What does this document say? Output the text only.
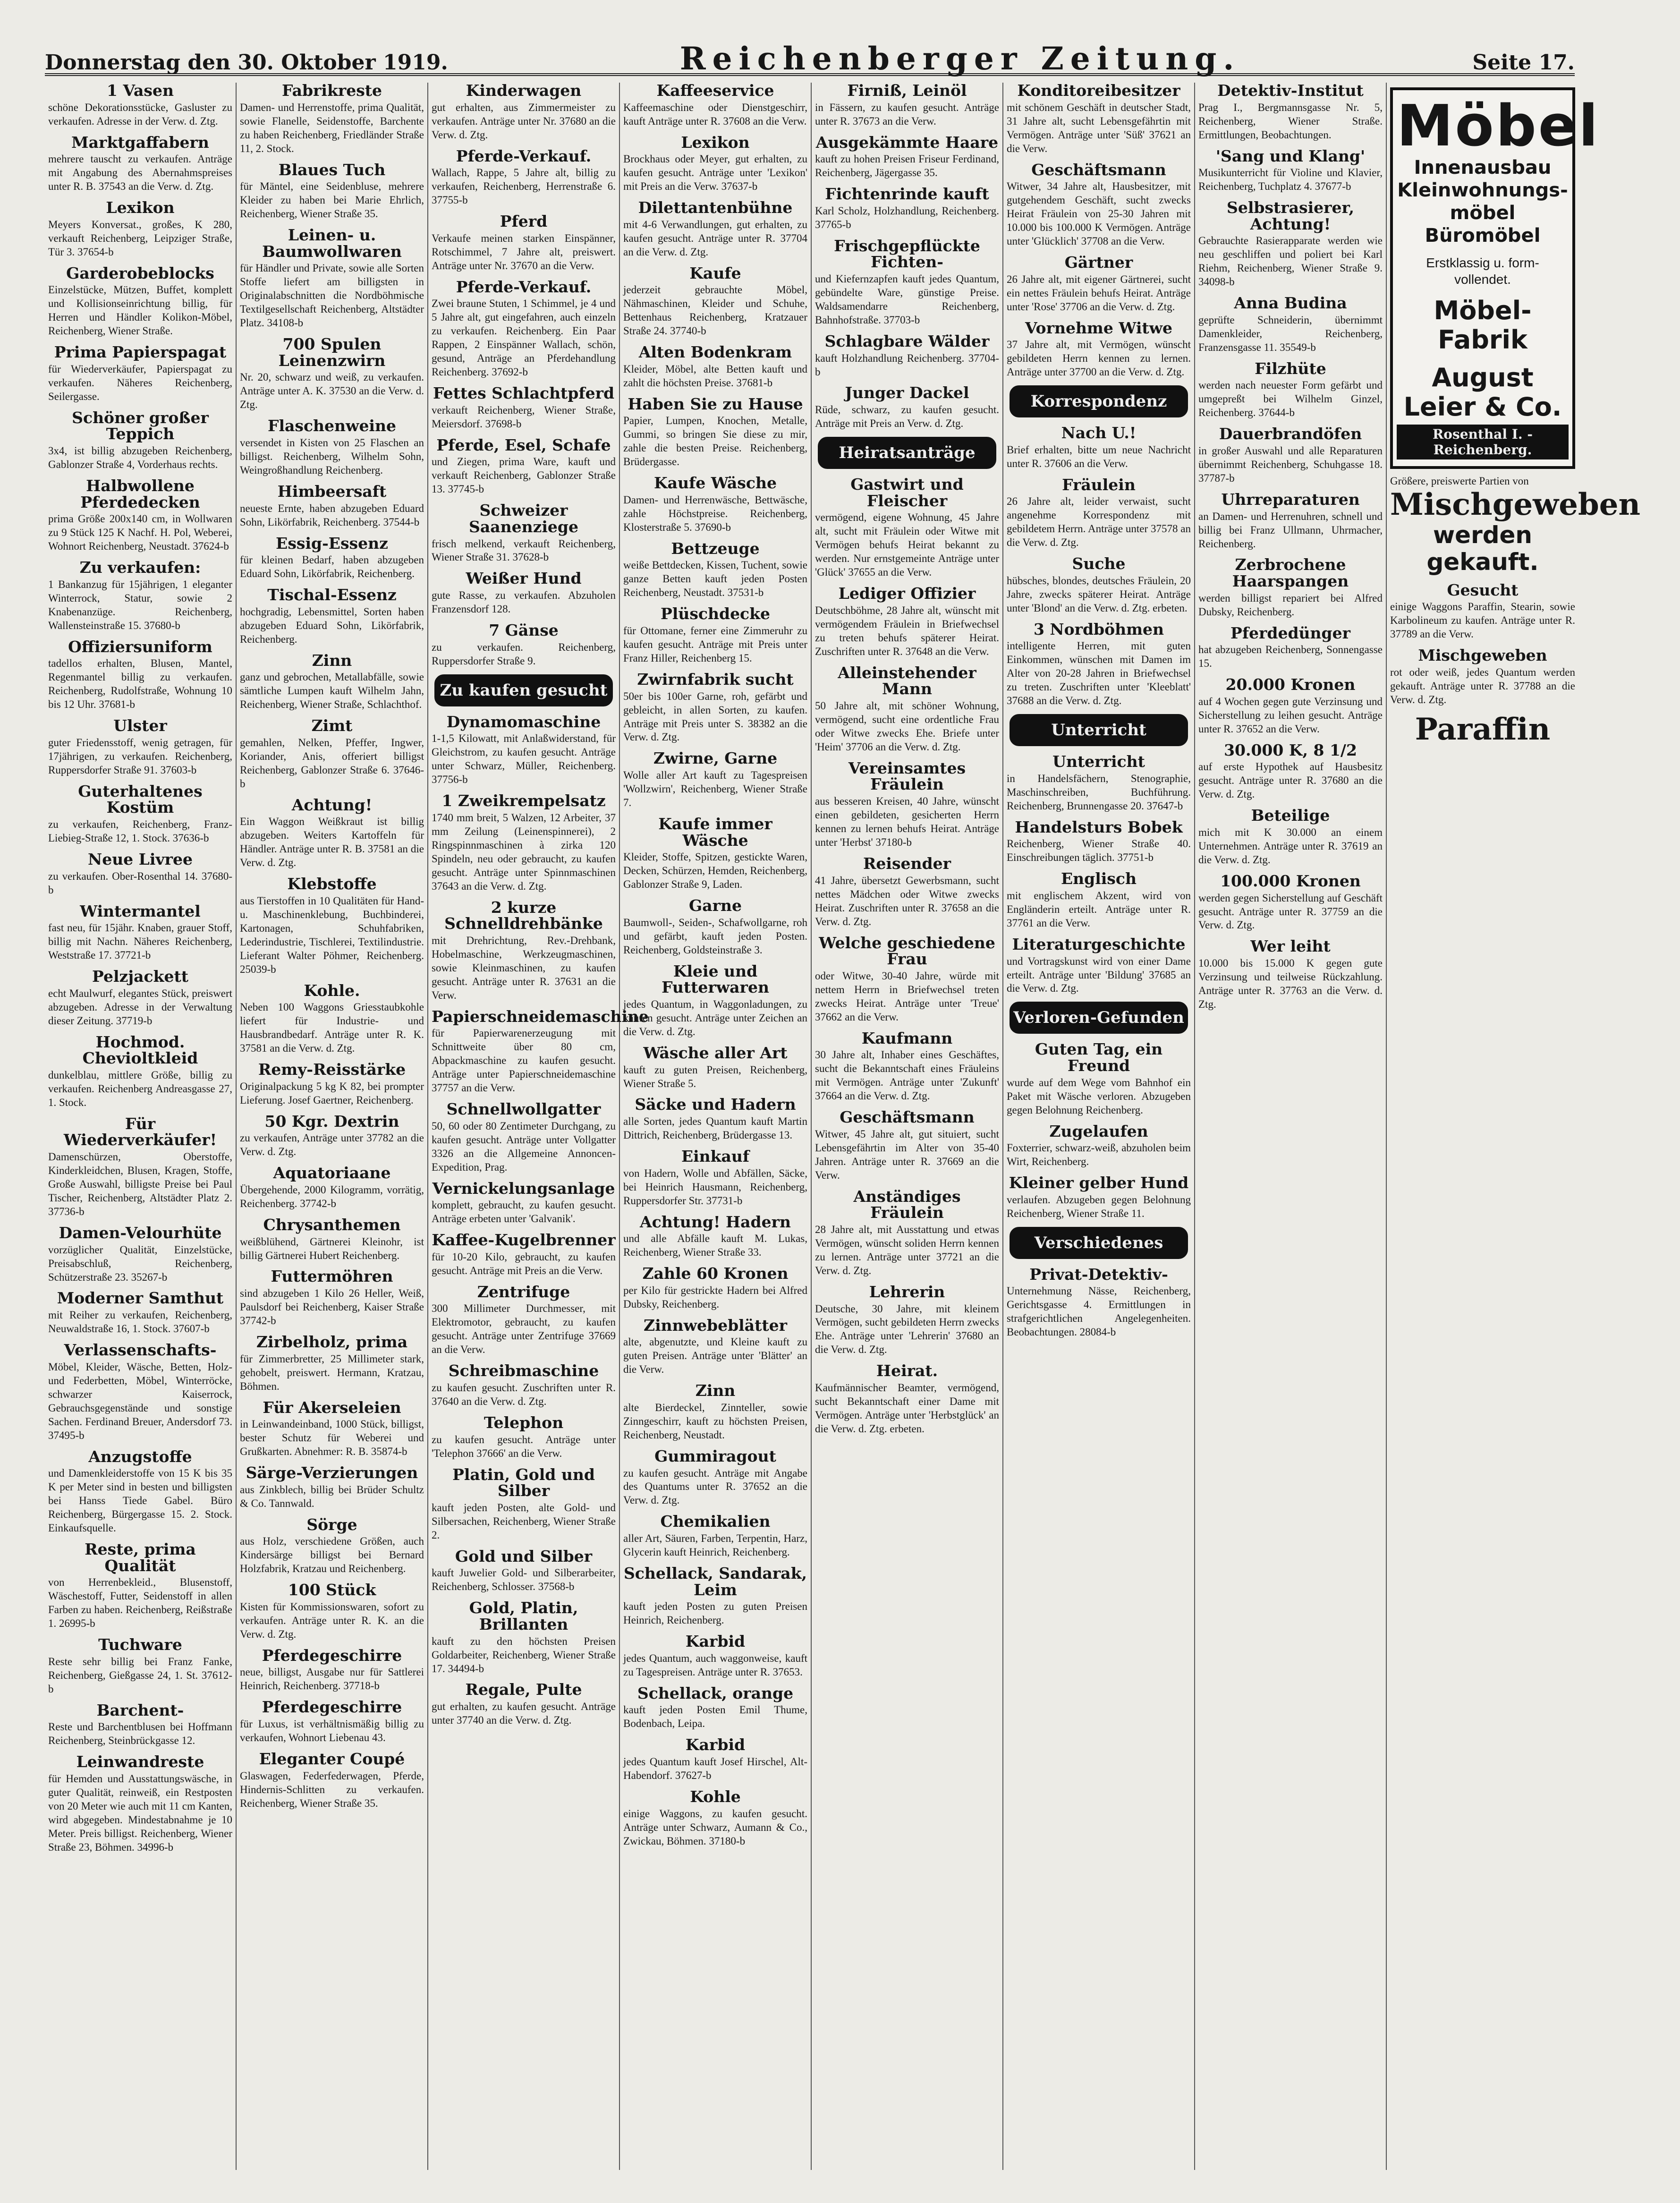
Donnerstag den 30. Oktober 1919.	Reichenberger Zeitung.	Seite 17.
1 Vasen

schöne Dekorationsstücke, Gasluster zu verkaufen. Adresse in der Verw. d. Ztg.

Marktgaffabern

mehrere tauscht zu verkaufen. Anträge mit Angabung des Abernahmspreises unter R. B. 37543 an die Verw. d. Ztg.

Lexikon

Meyers Konversat., großes, K 280, verkauft Reichenberg, Leipziger Straße, Tür 3. 37654-b

Garderobeblocks

Einzelstücke, Mützen, Buffet, komplett und Kollisionseinrichtung billig, für Herren und Händler Kolikon-Möbel, Reichenberg, Wiener Straße.

Prima Papierspagat

für Wiederverkäufer, Papierspagat zu verkaufen. Näheres Reichenberg, Seilergasse.

Schöner großer Teppich

3x4, ist billig abzugeben Reichenberg, Gablonzer Straße 4, Vorderhaus rechts.

Halbwollene Pferdedecken

prima Größe 200x140 cm, in Wollwaren zu 9 Stück 125 K Nachf. H. Pol, Weberei, Wohnort Reichenberg, Neustadt. 37624-b

Zu verkaufen:

1 Bankanzug für 15jährigen, 1 eleganter Winterrock, Statur, sowie 2 Knabenanzüge. Reichenberg, Wallensteinstraße 15. 37680-b

Offiziersuniform

tadellos erhalten, Blusen, Mantel, Regenmantel billig zu verkaufen. Reichenberg, Rudolfstraße, Wohnung 10 bis 12 Uhr. 37681-b

Ulster

guter Friedensstoff, wenig getragen, für 17jährigen, zu verkaufen. Reichenberg, Ruppersdorfer Straße 91. 37603-b

Guterhaltenes Kostüm

zu verkaufen, Reichenberg, Franz-Liebieg-Straße 12, 1. Stock. 37636-b

Neue Livree

zu verkaufen. Ober-Rosenthal 14. 37680-b

Wintermantel

fast neu, für 15jähr. Knaben, grauer Stoff, billig mit Nachn. Näheres Reichenberg, Weststraße 17. 37721-b

Pelzjackett

echt Maulwurf, elegantes Stück, preiswert abzugeben. Adresse in der Verwaltung dieser Zeitung. 37719-b

Hochmod. Chevioltkleid

dunkelblau, mittlere Größe, billig zu verkaufen. Reichenberg Andreasgasse 27, 1. Stock.

Für Wiederverkäufer!

Damenschürzen, Oberstoffe, Kinderkleidchen, Blusen, Kragen, Stoffe, Große Auswahl, billigste Preise bei Paul Tischer, Reichenberg, Altstädter Platz 2. 37736-b

Damen-Velourhüte

vorzüglicher Qualität, Einzelstücke, Preisabschluß, Reichenberg, Schützerstraße 23. 35267-b

Moderner Samthut

mit Reiher zu verkaufen, Reichenberg, Neuwaldstraße 16, 1. Stock. 37607-b

Verlassenschafts-

Möbel, Kleider, Wäsche, Betten, Holz- und Federbetten, Möbel, Winterröcke, schwarzer Kaiserrock, Gebrauchsgegenstände und sonstige Sachen. Ferdinand Breuer, Andersdorf 73. 37495-b

Anzugstoffe

und Damenkleiderstoffe von 15 K bis 35 K per Meter sind in besten und billigsten bei Hanss Tiede Gabel. Büro Reichenberg, Bürgergasse 15. 2. Stock. Einkaufsquelle.

Reste, prima Qualität

von Herrenbekleid., Blusenstoff, Wäschestoff, Futter, Seidenstoff in allen Farben zu haben. Reichenberg, Reißstraße 1. 26995-b

Tuchware

Reste sehr billig bei Franz Fanke, Reichenberg, Gießgasse 24, 1. St. 37612-b

Barchent-

Reste und Barchentblusen bei Hoffmann Reichenberg, Steinbrückgasse 12.

Leinwandreste

für Hemden und Ausstattungswäsche, in guter Qualität, reinweiß, ein Restposten von 20 Meter wie auch mit 11 cm Kanten, wird abgegeben. Mindestabnahme je 10 Meter. Preis billigst. Reichenberg, Wiener Straße 23, Böhmen. 34996-b

Fabrikreste

Damen- und Herrenstoffe, prima Qualität, sowie Flanelle, Seidenstoffe, Barchente zu haben Reichenberg, Friedländer Straße 11, 2. Stock.

Blaues Tuch

für Mäntel, eine Seidenbluse, mehrere Kleider zu haben bei Marie Ehrlich, Reichenberg, Wiener Straße 35.

Leinen- u. Baumwollwaren

für Händler und Private, sowie alle Sorten Stoffe liefert am billigsten in Originalabschnitten die Nordböhmische Textilgesellschaft Reichenberg, Altstädter Platz. 34108-b

700 Spulen Leinenzwirn

Nr. 20, schwarz und weiß, zu verkaufen. Anträge unter A. K. 37530 an die Verw. d. Ztg.

Flaschenweine

versendet in Kisten von 25 Flaschen an billigst. Reichenberg, Wilhelm Sohn, Weingroßhandlung Reichenberg.

Himbeersaft

neueste Ernte, haben abzugeben Eduard Sohn, Likörfabrik, Reichenberg. 37544-b

Essig-Essenz

für kleinen Bedarf, haben abzugeben Eduard Sohn, Likörfabrik, Reichenberg.

Tischal-Essenz

hochgradig, Lebensmittel, Sorten haben abzugeben Eduard Sohn, Likörfabrik, Reichenberg.

Zinn

ganz und gebrochen, Metallabfälle, sowie sämtliche Lumpen kauft Wilhelm Jahn, Reichenberg, Wiener Straße, Schlachthof.

Zimt

gemahlen, Nelken, Pfeffer, Ingwer, Koriander, Anis, offeriert billigst Reichenberg, Gablonzer Straße 6. 37646-b

Achtung!

Ein Waggon Weißkraut ist billig abzugeben. Weiters Kartoffeln für Händler. Anträge unter R. B. 37581 an die Verw. d. Ztg.

Klebstoffe

aus Tierstoffen in 10 Qualitäten für Hand- u. Maschinenklebung, Buchbinderei, Kartonagen, Schuhfabriken, Lederindustrie, Tischlerei, Textilindustrie. Lieferant Walter Pöhmer, Reichenberg. 25039-b

Kohle.

Neben 100 Waggons Griesstaubkohle liefert für Industrie- und Hausbrandbedarf. Anträge unter R. K. 37581 an die Verw. d. Ztg.

Remy-Reisstärke

Originalpackung 5 kg K 82, bei prompter Lieferung. Josef Gaertner, Reichenberg.

50 Kgr. Dextrin

zu verkaufen, Anträge unter 37782 an die Verw. d. Ztg.

Aquatoriaane

Übergehende, 2000 Kilogramm, vorrätig, Reichenberg. 37742-b

Chrysanthemen

weißblühend, Gärtnerei Kleinohr, ist billig Gärtnerei Hubert Reichenberg.

Futtermöhren

sind abzugeben 1 Kilo 26 Heller, Weiß, Paulsdorf bei Reichenberg, Kaiser Straße 37742-b

Zirbelholz, prima

für Zimmerbretter, 25 Millimeter stark, gehobelt, preiswert. Hermann, Kratzau, Böhmen.

Für Akerseleien

in Leinwandeinband, 1000 Stück, billigst, bester Schutz für Weberei und Grußkarten. Abnehmer: R. B. 35874-b

Särge-Verzierungen

aus Zinkblech, billig bei Brüder Schultz & Co. Tannwald.

Sörge

aus Holz, verschiedene Größen, auch Kindersärge billigst bei Bernard Holzfabrik, Kratzau und Reichenberg.

100 Stück

Kisten für Kommissionswaren, sofort zu verkaufen. Anträge unter R. K. an die Verw. d. Ztg.

Pferdegeschirre

neue, billigst, Ausgabe nur für Sattlerei Heinrich, Reichenberg. 37718-b

Pferdegeschirre

für Luxus, ist verhältnismäßig billig zu verkaufen, Wohnort Liebenau 43.

Eleganter Coupé

Glaswagen, Federfederwagen, Pferde, Hindernis-Schlitten zu verkaufen. Reichenberg, Wiener Straße 35.

Kinderwagen

gut erhalten, aus Zimmermeister zu verkaufen. Anträge unter Nr. 37680 an die Verw. d. Ztg.

Pferde-Verkauf.

Wallach, Rappe, 5 Jahre alt, billig zu verkaufen, Reichenberg, Herrenstraße 6. 37755-b

Pferd

Verkaufe meinen starken Einspänner, Rotschimmel, 7 Jahre alt, preiswert. Anträge unter Nr. 37670 an die Verw.

Pferde-Verkauf.

Zwei braune Stuten, 1 Schimmel, je 4 und 5 Jahre alt, gut eingefahren, auch einzeln zu verkaufen. Reichenberg. Ein Paar Rappen, 2 Einspänner Wallach, schön, gesund, Anträge an Pferdehandlung Reichenberg. 37692-b

Fettes Schlachtpferd

verkauft Reichenberg, Wiener Straße, Meiersdorf. 37698-b

Pferde, Esel, Schafe

und Ziegen, prima Ware, kauft und verkauft Reichenberg, Gablonzer Straße 13. 37745-b

Schweizer Saanenziege

frisch melkend, verkauft Reichenberg, Wiener Straße 31. 37628-b

Weißer Hund

gute Rasse, zu verkaufen. Abzuholen Franzensdorf 128.

7 Gänse

zu verkaufen. Reichenberg, Ruppersdorfer Straße 9.

Zu kaufen gesucht
Dynamomaschine

1-1,5 Kilowatt, mit Anlaßwiderstand, für Gleichstrom, zu kaufen gesucht. Anträge unter Schwarz, Müller, Reichenberg. 37756-b

1 Zweikrempelsatz

1740 mm breit, 5 Walzen, 12 Arbeiter, 37 mm Zeilung (Leinenspinnerei), 2 Ringspinnmaschinen à zirka 120 Spindeln, neu oder gebraucht, zu kaufen gesucht. Anträge unter Spinnmaschinen 37643 an die Verw. d. Ztg.

2 kurze Schnelldrehbänke

mit Drehrichtung, Rev.-Drehbank, Hobelmaschine, Werkzeugmaschinen, sowie Kleinmaschinen, zu kaufen gesucht. Anträge unter R. 37631 an die Verw.

Papierschneidemaschine

für Papierwarenerzeugung mit Schnittweite über 80 cm, Abpackmaschine zu kaufen gesucht. Anträge unter Papierschneidemaschine 37757 an die Verw.

Schnellwollgatter

50, 60 oder 80 Zentimeter Durchgang, zu kaufen gesucht. Anträge unter Vollgatter 3326 an die Allgemeine Annoncen-Expedition, Prag.

Vernickelungsanlage

komplett, gebraucht, zu kaufen gesucht. Anträge erbeten unter 'Galvanik'.

Kaffee-Kugelbrenner

für 10-20 Kilo, gebraucht, zu kaufen gesucht. Anträge mit Preis an die Verw.

Zentrifuge

300 Millimeter Durchmesser, mit Elektromotor, gebraucht, zu kaufen gesucht. Anträge unter Zentrifuge 37669 an die Verw.

Schreibmaschine

zu kaufen gesucht. Zuschriften unter R. 37640 an die Verw. d. Ztg.

Telephon

zu kaufen gesucht. Anträge unter 'Telephon 37666' an die Verw.

Platin, Gold und Silber

kauft jeden Posten, alte Gold- und Silbersachen, Reichenberg, Wiener Straße 2.

Gold und Silber

kauft Juwelier Gold- und Silberarbeiter, Reichenberg, Schlosser. 37568-b

Gold, Platin, Brillanten

kauft zu den höchsten Preisen Goldarbeiter, Reichenberg, Wiener Straße 17. 34494-b

Regale, Pulte

gut erhalten, zu kaufen gesucht. Anträge unter 37740 an die Verw. d. Ztg.

Kaffeeservice

Kaffeemaschine oder Dienstgeschirr, kauft Anträge unter R. 37608 an die Verw.

Lexikon

Brockhaus oder Meyer, gut erhalten, zu kaufen gesucht. Anträge unter 'Lexikon' mit Preis an die Verw. 37637-b

Dilettantenbühne

mit 4-6 Verwandlungen, gut erhalten, zu kaufen gesucht. Anträge unter R. 37704 an die Verw. d. Ztg.

Kaufe

jederzeit gebrauchte Möbel, Nähmaschinen, Kleider und Schuhe, Bettenhaus Reichenberg, Kratzauer Straße 24. 37740-b

Alten Bodenkram

Kleider, Möbel, alte Betten kauft und zahlt die höchsten Preise. 37681-b

Haben Sie zu Hause

Papier, Lumpen, Knochen, Metalle, Gummi, so bringen Sie diese zu mir, zahle die besten Preise. Reichenberg, Brüdergasse.

Kaufe Wäsche

Damen- und Herrenwäsche, Bettwäsche, zahle Höchstpreise. Reichenberg, Klosterstraße 5. 37690-b

Bettzeuge

weiße Bettdecken, Kissen, Tuchent, sowie ganze Betten kauft jeden Posten Reichenberg, Neustadt. 37531-b

Plüschdecke

für Ottomane, ferner eine Zimmeruhr zu kaufen gesucht. Anträge mit Preis unter Franz Hiller, Reichenberg 15.

Zwirnfabrik sucht

50er bis 100er Garne, roh, gefärbt und gebleicht, in allen Sorten, zu kaufen. Anträge mit Preis unter S. 38382 an die Verw. d. Ztg.

Zwirne, Garne

Wolle aller Art kauft zu Tagespreisen 'Wollzwirn', Reichenberg, Wiener Straße 7.

Kaufe immer Wäsche

Kleider, Stoffe, Spitzen, gestickte Waren, Decken, Schürzen, Hemden, Reichenberg, Gablonzer Straße 9, Laden.

Garne

Baumwoll-, Seiden-, Schafwollgarne, roh und gefärbt, kauft jeden Posten. Reichenberg, Goldsteinstraße 3.

Kleie und Futterwaren

jedes Quantum, in Waggonladungen, zu kaufen gesucht. Anträge unter Zeichen an die Verw. d. Ztg.

Wäsche aller Art

kauft zu guten Preisen, Reichenberg, Wiener Straße 5.

Säcke und Hadern

alle Sorten, jedes Quantum kauft Martin Dittrich, Reichenberg, Brüdergasse 13.

Einkauf

von Hadern, Wolle und Abfällen, Säcke, bei Heinrich Hausmann, Reichenberg, Ruppersdorfer Str. 37731-b

Achtung! Hadern

und alle Abfälle kauft M. Lukas, Reichenberg, Wiener Straße 33.

Zahle 60 Kronen

per Kilo für gestrickte Hadern bei Alfred Dubsky, Reichenberg.

Zinnwebeblätter

alte, abgenutzte, und Kleine kauft zu guten Preisen. Anträge unter 'Blätter' an die Verw.

Zinn

alte Bierdeckel, Zinnteller, sowie Zinngeschirr, kauft zu höchsten Preisen, Reichenberg, Neustadt.

Gummiragout

zu kaufen gesucht. Anträge mit Angabe des Quantums unter R. 37652 an die Verw. d. Ztg.

Chemikalien

aller Art, Säuren, Farben, Terpentin, Harz, Glycerin kauft Heinrich, Reichenberg.

Schellack, Sandarak, Leim

kauft jeden Posten zu guten Preisen Heinrich, Reichenberg.

Karbid

jedes Quantum, auch waggonweise, kauft zu Tagespreisen. Anträge unter R. 37653.

Schellack, orange

kauft jeden Posten Emil Thume, Bodenbach, Leipa.

Karbid

jedes Quantum kauft Josef Hirschel, Alt-Habendorf. 37627-b

Kohle

einige Waggons, zu kaufen gesucht. Anträge unter Schwarz, Aumann & Co., Zwickau, Böhmen. 37180-b

Firniß, Leinöl

in Fässern, zu kaufen gesucht. Anträge unter R. 37673 an die Verw.

Ausgekämmte Haare

kauft zu hohen Preisen Friseur Ferdinand, Reichenberg, Jägergasse 35.

Fichtenrinde kauft

Karl Scholz, Holzhandlung, Reichenberg. 37765-b

Frischgepflückte Fichten-

und Kiefernzapfen kauft jedes Quantum, gebündelte Ware, günstige Preise. Waldsamendarre Reichenberg, Bahnhofstraße. 37703-b

Schlagbare Wälder

kauft Holzhandlung Reichenberg. 37704-b

Junger Dackel

Rüde, schwarz, zu kaufen gesucht. Anträge mit Preis an Verw. d. Ztg.

Heiratsanträge
Gastwirt und Fleischer

vermögend, eigene Wohnung, 45 Jahre alt, sucht mit Fräulein oder Witwe mit Vermögen behufs Heirat bekannt zu werden. Nur ernstgemeinte Anträge unter 'Glück' 37655 an die Verw.

Lediger Offizier

Deutschböhme, 28 Jahre alt, wünscht mit vermögendem Fräulein in Briefwechsel zu treten behufs späterer Heirat. Zuschriften unter R. 37648 an die Verw.

Alleinstehender Mann

50 Jahre alt, mit schöner Wohnung, vermögend, sucht eine ordentliche Frau oder Witwe zwecks Ehe. Briefe unter 'Heim' 37706 an die Verw. d. Ztg.

Vereinsamtes Fräulein

aus besseren Kreisen, 40 Jahre, wünscht einen gebildeten, gesicherten Herrn kennen zu lernen behufs Heirat. Anträge unter 'Herbst' 37180-b

Reisender

41 Jahre, übersetzt Gewerbsmann, sucht nettes Mädchen oder Witwe zwecks Heirat. Zuschriften unter R. 37658 an die Verw. d. Ztg.

Welche geschiedene Frau

oder Witwe, 30-40 Jahre, würde mit nettem Herrn in Briefwechsel treten zwecks Heirat. Anträge unter 'Treue' 37662 an die Verw.

Kaufmann

30 Jahre alt, Inhaber eines Geschäftes, sucht die Bekanntschaft eines Fräuleins mit Vermögen. Anträge unter 'Zukunft' 37664 an die Verw. d. Ztg.

Geschäftsmann

Witwer, 45 Jahre alt, gut situiert, sucht Lebensgefährtin im Alter von 35-40 Jahren. Anträge unter R. 37669 an die Verw.

Anständiges Fräulein

28 Jahre alt, mit Ausstattung und etwas Vermögen, wünscht soliden Herrn kennen zu lernen. Anträge unter 37721 an die Verw. d. Ztg.

Lehrerin

Deutsche, 30 Jahre, mit kleinem Vermögen, sucht gebildeten Herrn zwecks Ehe. Anträge unter 'Lehrerin' 37680 an die Verw. d. Ztg.

Heirat.

Kaufmännischer Beamter, vermögend, sucht Bekanntschaft einer Dame mit Vermögen. Anträge unter 'Herbstglück' an die Verw. d. Ztg. erbeten.

Konditoreibesitzer

mit schönem Geschäft in deutscher Stadt, 31 Jahre alt, sucht Lebensgefährtin mit Vermögen. Anträge unter 'Süß' 37621 an die Verw.

Geschäftsmann

Witwer, 34 Jahre alt, Hausbesitzer, mit gutgehendem Geschäft, sucht zwecks Heirat Fräulein von 25-30 Jahren mit 10.000 bis 100.000 K Vermögen. Anträge unter 'Glücklich' 37708 an die Verw.

Gärtner

26 Jahre alt, mit eigener Gärtnerei, sucht ein nettes Fräulein behufs Heirat. Anträge unter 'Rose' 37706 an die Verw. d. Ztg.

Vornehme Witwe

37 Jahre alt, mit Vermögen, wünscht gebildeten Herrn kennen zu lernen. Anträge unter 37700 an die Verw. d. Ztg.

Korrespondenz
Nach U.!

Brief erhalten, bitte um neue Nachricht unter R. 37606 an die Verw.

Fräulein

26 Jahre alt, leider verwaist, sucht angenehme Korrespondenz mit gebildetem Herrn. Anträge unter 37578 an die Verw. d. Ztg.

Suche

hübsches, blondes, deutsches Fräulein, 20 Jahre, zwecks späterer Heirat. Anträge unter 'Blond' an die Verw. d. Ztg. erbeten.

3 Nordböhmen

intelligente Herren, mit guten Einkommen, wünschen mit Damen im Alter von 20-28 Jahren in Briefwechsel zu treten. Zuschriften unter 'Kleeblatt' 37688 an die Verw. d. Ztg.

Unterricht
Unterricht

in Handelsfächern, Stenographie, Maschinschreiben, Buchführung. Reichenberg, Brunnengasse 20. 37647-b

Handelsturs Bobek

Reichenberg, Wiener Straße 40. Einschreibungen täglich. 37751-b

Englisch

mit englischem Akzent, wird von Engländerin erteilt. Anträge unter R. 37761 an die Verw.

Literaturgeschichte

und Vortragskunst wird von einer Dame erteilt. Anträge unter 'Bildung' 37685 an die Verw. d. Ztg.

Verloren-Gefunden
Guten Tag, ein Freund

wurde auf dem Wege vom Bahnhof ein Paket mit Wäsche verloren. Abzugeben gegen Belohnung Reichenberg.

Zugelaufen

Foxterrier, schwarz-weiß, abzuholen beim Wirt, Reichenberg.

Kleiner gelber Hund

verlaufen. Abzugeben gegen Belohnung Reichenberg, Wiener Straße 11.

Verschiedenes
Privat-Detektiv-

Unternehmung Nässe, Reichenberg, Gerichtsgasse 4. Ermittlungen in strafgerichtlichen Angelegenheiten. Beobachtungen. 28084-b

Detektiv-Institut

Prag I., Bergmannsgasse Nr. 5, Reichenberg, Wiener Straße. Ermittlungen, Beobachtungen.

'Sang und Klang'

Musikunterricht für Violine und Klavier, Reichenberg, Tuchplatz 4. 37677-b

Selbstrasierer, Achtung!

Gebrauchte Rasierapparate werden wie neu geschliffen und poliert bei Karl Riehm, Reichenberg, Wiener Straße 9. 34098-b

Anna Budina

geprüfte Schneiderin, übernimmt Damenkleider, Reichenberg, Franzensgasse 11. 35549-b

Filzhüte

werden nach neuester Form gefärbt und umgepreßt bei Wilhelm Ginzel, Reichenberg. 37644-b

Dauerbrandöfen

in großer Auswahl und alle Reparaturen übernimmt Reichenberg, Schuhgasse 18. 37787-b

Uhrreparaturen

an Damen- und Herrenuhren, schnell und billig bei Franz Ullmann, Uhrmacher, Reichenberg.

Zerbrochene Haarspangen

werden billigst repariert bei Alfred Dubsky, Reichenberg.

Pferdedünger

hat abzugeben Reichenberg, Sonnengasse 15.

20.000 Kronen

auf 4 Wochen gegen gute Verzinsung und Sicherstellung zu leihen gesucht. Anträge unter R. 37652 an die Verw.

30.000 K, 8 1/2

auf erste Hypothek auf Hausbesitz gesucht. Anträge unter R. 37680 an die Verw. d. Ztg.

Beteilige

mich mit K 30.000 an einem Unternehmen. Anträge unter R. 37619 an die Verw. d. Ztg.

100.000 Kronen

werden gegen Sicherstellung auf Geschäft gesucht. Anträge unter R. 37759 an die Verw. d. Ztg.

Wer leiht

10.000 bis 15.000 K gegen gute Verzinsung und teilweise Rückzahlung. Anträge unter R. 37763 an die Verw. d. Ztg.

Möbel
Innenausbau
Kleinwohnungs-
möbel
Büromöbel
Erstklassig u. form-
vollendet.
Möbel-Fabrik
August Leier & Co.
Rosenthal I. - Reichenberg.

Größere, preiswerte Partien von

Mischgeweben
werden gekauft.
Gesucht

einige Waggons Paraffin, Stearin, sowie Karbolineum zu kaufen. Anträge unter R. 37789 an die Verw.

Mischgeweben

rot oder weiß, jedes Quantum werden gekauft. Anträge unter R. 37788 an die Verw. d. Ztg.

Paraffin
